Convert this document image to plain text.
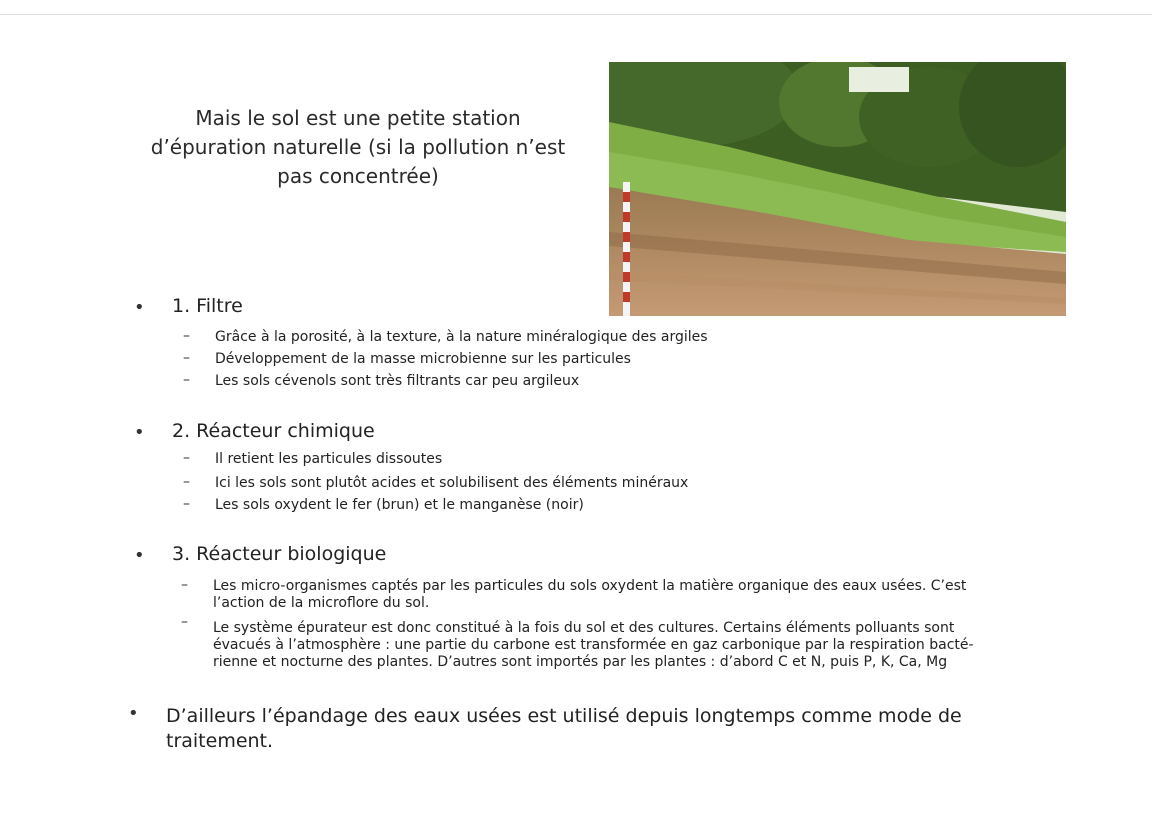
Mais le sol est une petite station
d’épuration naturelle (si la pollution n’est
pas concentrée)
• 1. Filtre
– Grâce à la porosité, à la texture, à la nature minéralogique des argiles
– Développement de la masse microbienne sur les particules
– Les sols cévenols sont très filtrants car peu argileux
• 2. Réacteur chimique
– Il retient les particules dissoutes
– Ici les sols sont plutôt acides et solubilisent des éléments minéraux
– Les sols oxydent le fer (brun) et le manganèse (noir)
• 3. Réacteur biologique
– Les micro-organismes captés par les particules du sols oxydent la matière organique des eaux usées. C’est l’action de la microflore du sol.
– Le système épurateur est donc constitué à la fois du sol et des cultures. Certains éléments polluants sont évacués à l’atmosphère : une partie du carbone est transformée en gaz carbonique par la respiration bacté-rienne et nocturne des plantes. D’autres sont importés par les plantes : d’abord C et N, puis P, K, Ca, Mg
• D’ailleurs l’épandage des eaux usées est utilisé depuis longtemps comme mode de traitement.
